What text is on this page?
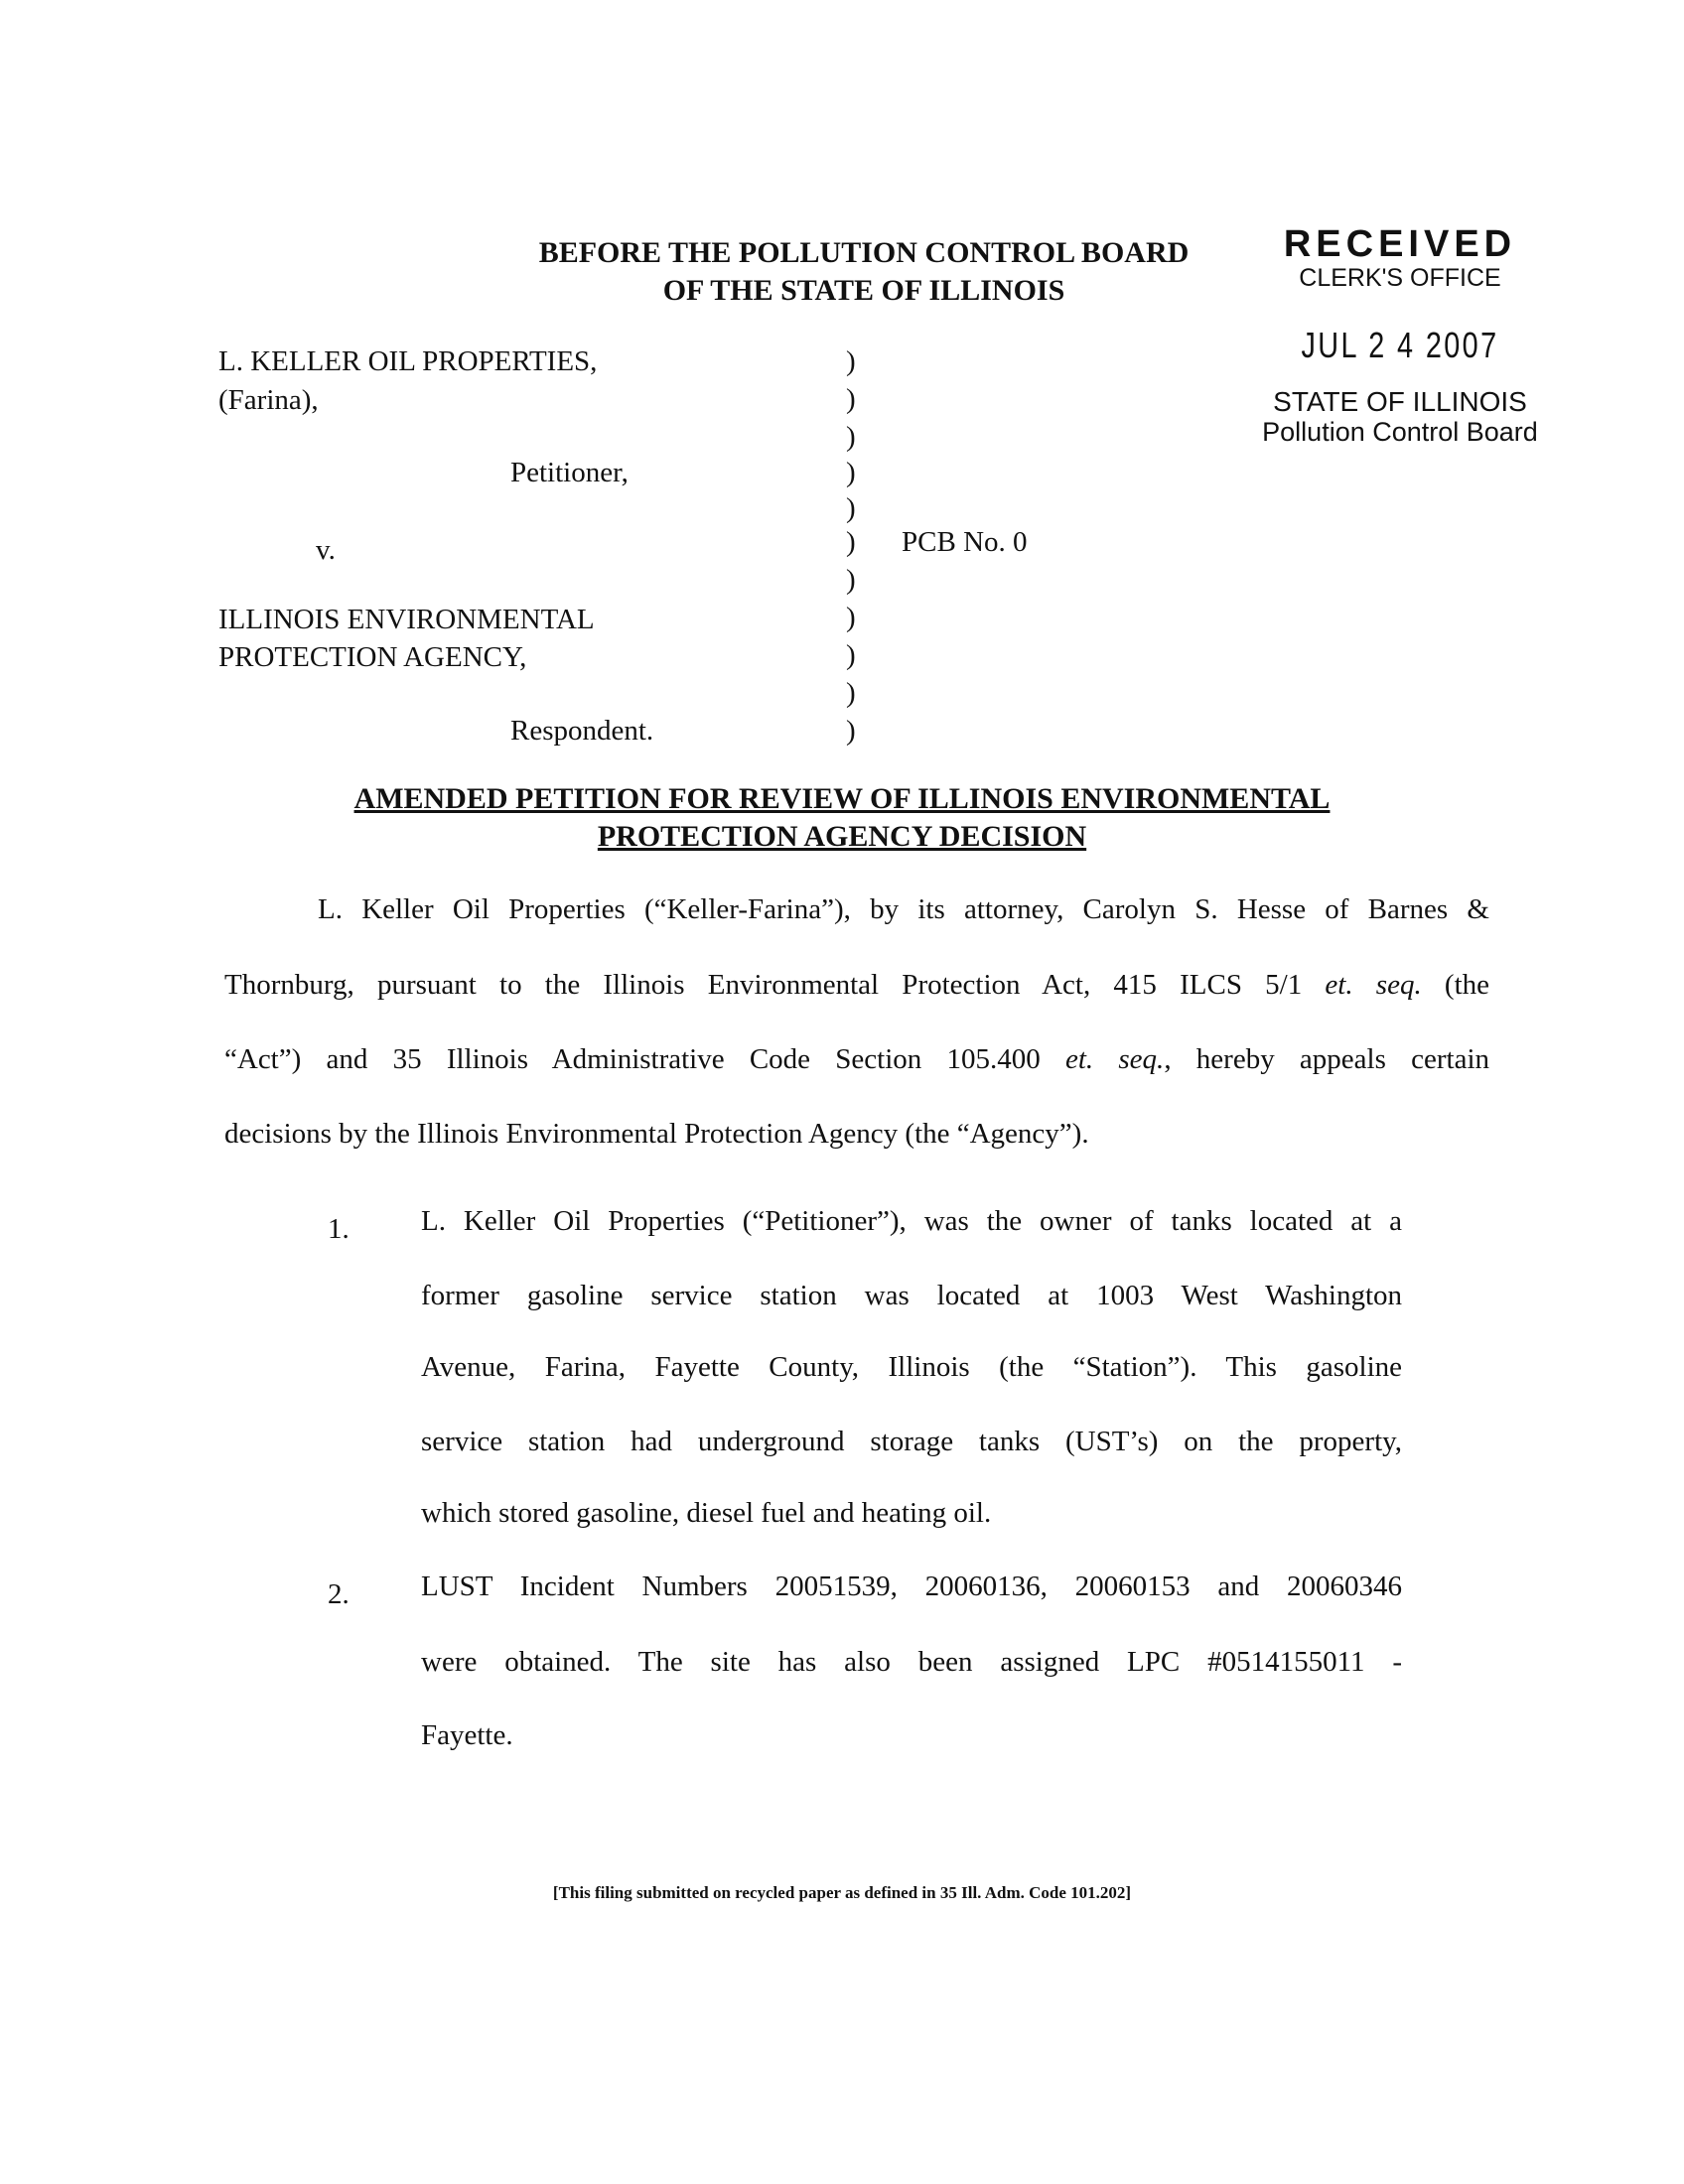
BEFORE THE POLLUTION CONTROL BOARD
OF THE STATE OF ILLINOIS
RECEIVED
CLERK'S OFFICE
JUL 2 4 2007
STATE OF ILLINOIS
Pollution Control Board
L. KELLER OIL PROPERTIES,
(Farina),
Petitioner,
v.
ILLINOIS ENVIRONMENTAL
PROTECTION AGENCY,
Respondent.
)
)
)
)
)
)
)
)
)
)
)
PCB No. 0
AMENDED PETITION FOR REVIEW OF ILLINOIS ENVIRONMENTAL
PROTECTION AGENCY DECISION
L. Keller Oil Properties (“Keller-Farina”), by its attorney, Carolyn S. Hesse of Barnes &
Thornburg, pursuant to the Illinois Environmental Protection Act, 415 ILCS 5/1 et. seq. (the
“Act”) and 35 Illinois Administrative Code Section 105.400 et. seq., hereby appeals certain
decisions by the Illinois Environmental Protection Agency (the “Agency”).
1. L. Keller Oil Properties (“Petitioner”), was the owner of tanks located at a
former gasoline service station was located at 1003 West Washington
Avenue, Farina, Fayette County, Illinois (the “Station”). This gasoline
service station had underground storage tanks (UST’s) on the property,
which stored gasoline, diesel fuel and heating oil.
2. LUST Incident Numbers 20051539, 20060136, 20060153 and 20060346
were obtained. The site has also been assigned LPC #0514155011 -
Fayette.
[This filing submitted on recycled paper as defined in 35 Ill. Adm. Code 101.202]
